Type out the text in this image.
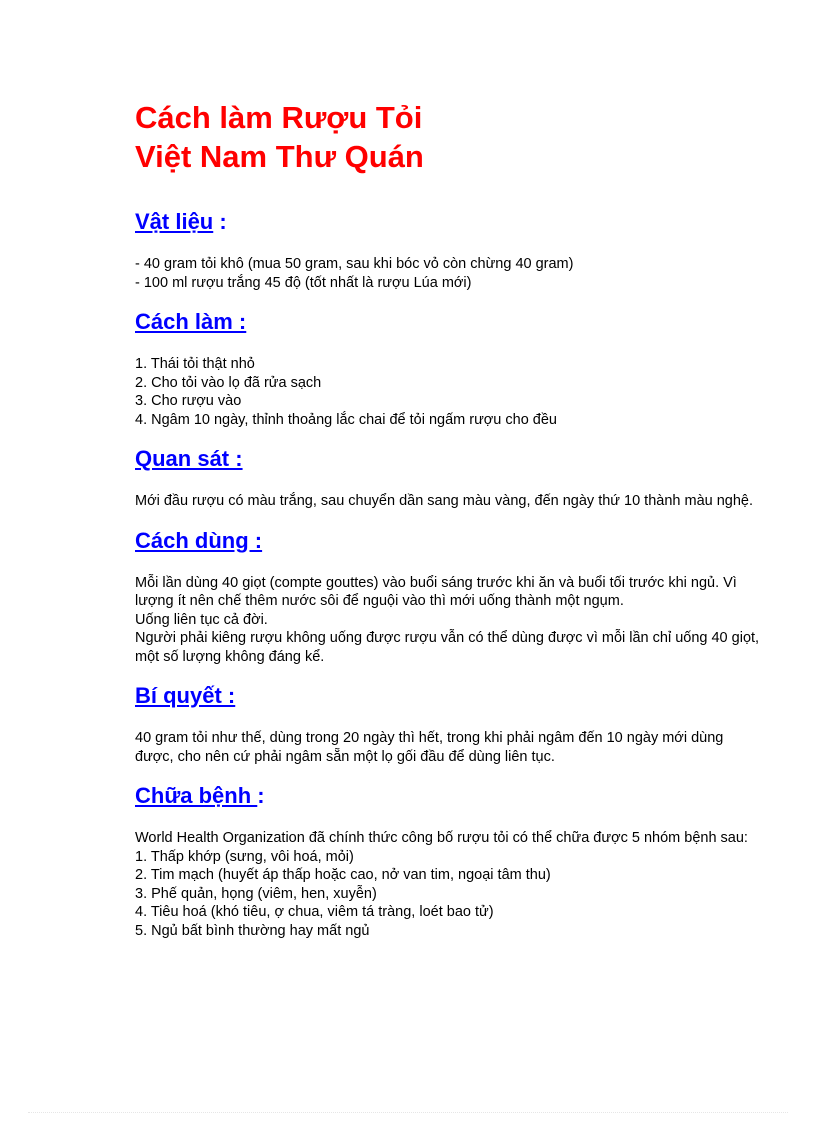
Cách làm Rượu Tỏi
Việt Nam Thư Quán
Vật liệu :

- 40 gram tỏi khô (mua 50 gram, sau khi bóc vỏ còn chừng 40 gram)
- 100 ml rượu trắng 45 độ (tốt nhất là rượu Lúa mới)

Cách làm :

1. Thái tỏi thật nhỏ
2. Cho tỏi vào lọ đã rửa sạch
3. Cho rượu vào
4. Ngâm 10 ngày, thỉnh thoảng lắc chai để tỏi ngấm rượu cho đều

Quan sát :

Mới đầu rượu có màu trắng, sau chuyển dần sang màu vàng, đến ngày thứ 10 thành màu nghệ.

Cách dùng :

Mỗi lần dùng 40 giọt (compte gouttes) vào buổi sáng trước khi ăn và buổi tối trước khi ngủ. Vì lượng ít nên chế thêm nước sôi để nguội vào thì mới uống thành một ngụm.
Uống liên tục cả đời.
Người phải kiêng rượu không uống được rượu vẫn có thể dùng được vì mỗi lần chỉ uống 40 giọt, một số lượng không đáng kể.

Bí quyết :

40 gram tỏi như thế, dùng trong 20 ngày thì hết, trong khi phải ngâm đến 10 ngày mới dùng được, cho nên cứ phải ngâm sẵn một lọ gối đầu để dùng liên tục.

Chữa bệnh :

World Health Organization đã chính thức công bố rượu tỏi có thể chữa được 5 nhóm bệnh sau:
1. Thấp khớp (sưng, vôi hoá, mỏi)
2. Tim mạch (huyết áp thấp hoặc cao, nở van tim, ngoại tâm thu)
3. Phế quản, họng (viêm, hen, xuyễn)
4. Tiêu hoá (khó tiêu, ợ chua, viêm tá tràng, loét bao tử)
5. Ngủ bất bình thường hay mất ngủ
